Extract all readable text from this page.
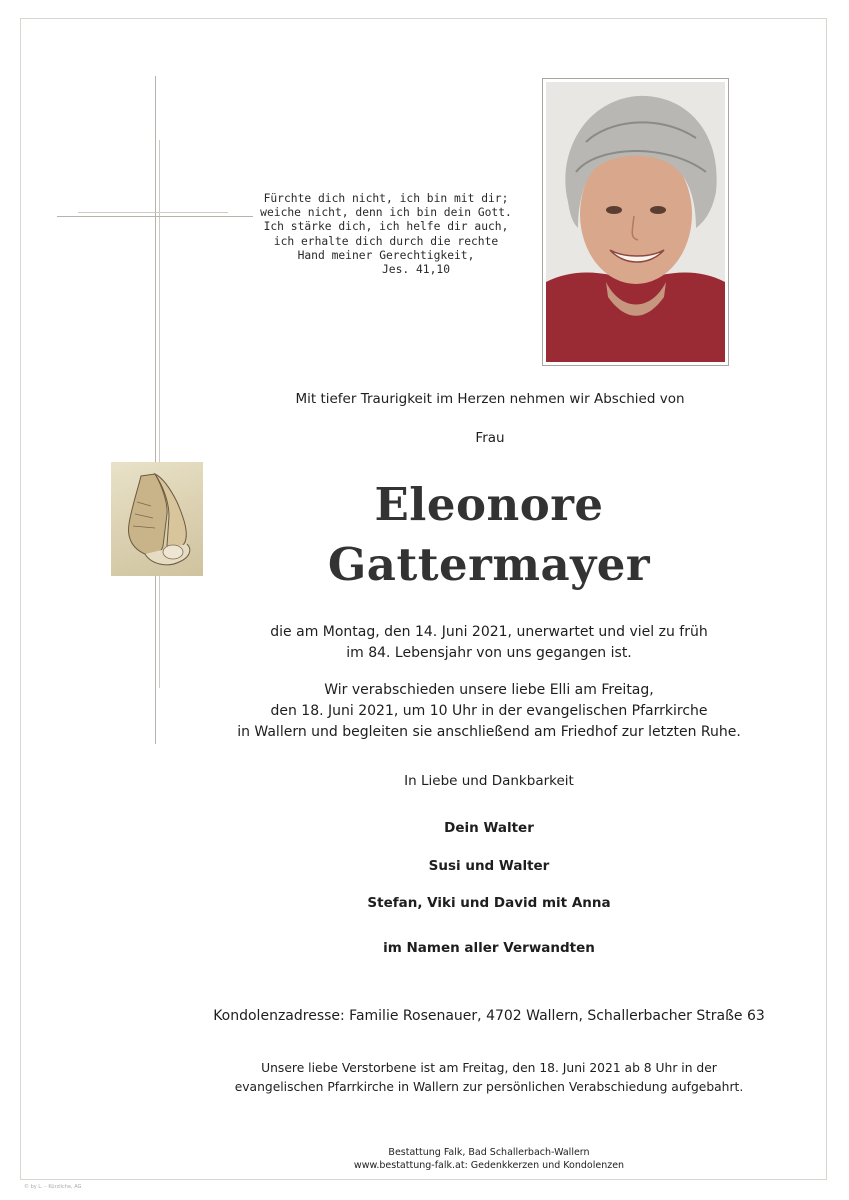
Fürchte dich nicht, ich bin mit dir;
weiche nicht, denn ich bin dein Gott.
Ich stärke dich, ich helfe dir auch,
ich erhalte dich durch die rechte
Hand meiner Gerechtigkeit,
Jes. 41,10
Mit tiefer Traurigkeit im Herzen nehmen wir Abschied von
Frau
Eleonore
Gattermayer
die am Montag, den 14. Juni 2021, unerwartet und viel zu früh
im 84. Lebensjahr von uns gegangen ist.
Wir verabschieden unsere liebe Elli am Freitag,
den 18. Juni 2021, um 10 Uhr in der evangelischen Pfarrkirche
in Wallern und begleiten sie anschließend am Friedhof zur letzten Ruhe.
In Liebe und Dankbarkeit
Dein Walter
Susi und Walter
Stefan, Viki und David mit Anna
im Namen aller Verwandten
Kondolenzadresse: Familie Rosenauer, 4702 Wallern, Schallerbacher Straße 63
Unsere liebe Verstorbene ist am Freitag, den 18. Juni 2021 ab 8 Uhr in der
evangelischen Pfarrkirche in Wallern zur persönlichen Verabschiedung aufgebahrt.
Bestattung Falk, Bad Schallerbach-Wallern
www.bestattung-falk.at: Gedenkkerzen und Kondolenzen
© by L. – Kürzliche, AG
